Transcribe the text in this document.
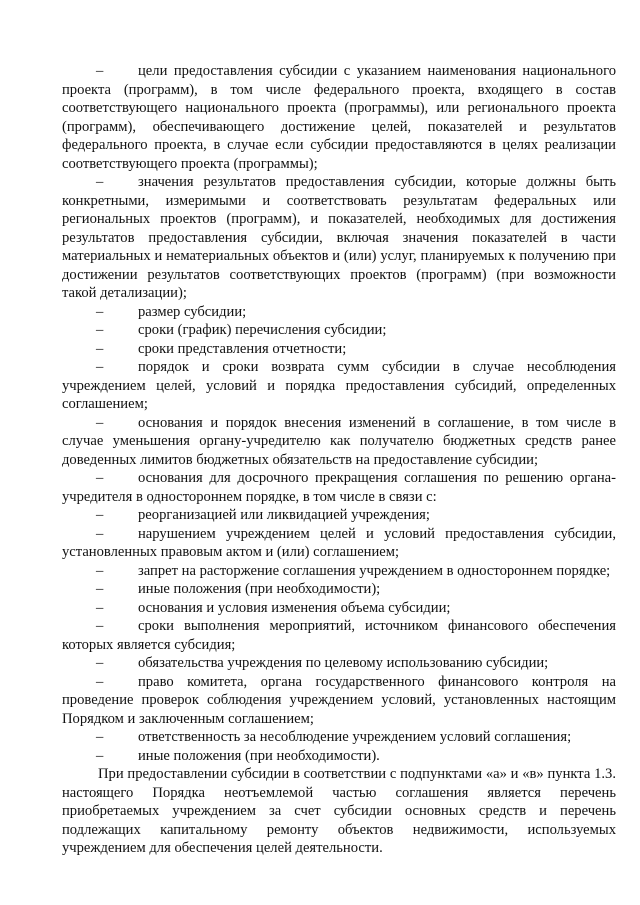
– цели предоставления субсидии с указанием наименования национального проекта (программ), в том числе федерального проекта, входящего в состав соответствующего национального проекта (программы), или регионального проекта (программ), обеспечивающего достижение целей, показателей и результатов федерального проекта, в случае если субсидии предоставляются в целях реализации соответствующего проекта (программы);

– значения результатов предоставления субсидии, которые должны быть конкретными, измеримыми и соответствовать результатам федеральных или региональных проектов (программ), и показателей, необходимых для достижения результатов предоставления субсидии, включая значения показателей в части материальных и нематериальных объектов и (или) услуг, планируемых к получению при достижении результатов соответствующих проектов (программ) (при возможности такой детализации);

– размер субсидии;

– сроки (график) перечисления субсидии;

– сроки представления отчетности;

– порядок и сроки возврата сумм субсидии в случае несоблюдения учреждением целей, условий и порядка предоставления субсидий, определенных соглашением;

– основания и порядок внесения изменений в соглашение, в том числе в случае уменьшения органу-учредителю как получателю бюджетных средств ранее доведенных лимитов бюджетных обязательств на предоставление субсидии;

– основания для досрочного прекращения соглашения по решению органа-учредителя в одностороннем порядке, в том числе в связи с:

– реорганизацией или ликвидацией учреждения;

– нарушением учреждением целей и условий предоставления субсидии, установленных правовым актом и (или) соглашением;

– запрет на расторжение соглашения учреждением в одностороннем порядке;

– иные положения (при необходимости);

– основания и условия изменения объема субсидии;

– сроки выполнения мероприятий, источником финансового обеспечения которых является субсидия;

– обязательства учреждения по целевому использованию субсидии;

– право комитета, органа государственного финансового контроля на проведение проверок соблюдения учреждением условий, установленных настоящим Порядком и заключенным соглашением;

– ответственность за несоблюдение учреждением условий соглашения;

– иные положения (при необходимости).

При предоставлении субсидии в соответствии с подпунктами «а» и «в» пункта 1.3. настоящего Порядка неотъемлемой частью соглашения является перечень приобретаемых учреждением за счет субсидии основных средств и перечень подлежащих капитальному ремонту объектов недвижимости, используемых учреждением для обеспечения целей деятельности.
